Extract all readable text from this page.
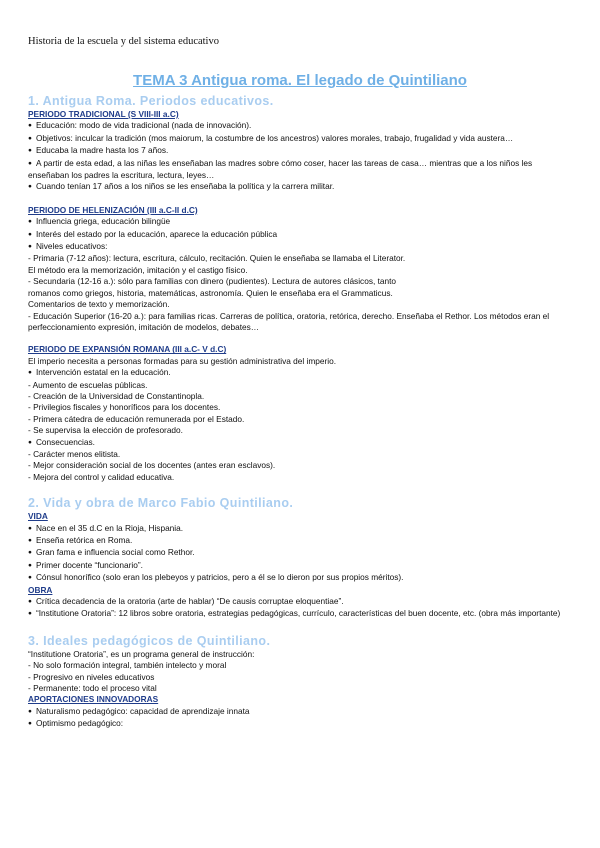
Historia de la escuela y del sistema educativo
TEMA 3 Antigua roma. El legado de Quintiliano

1. Antigua Roma. Periodos educativos.

PERIODO TRADICIONAL (S VIII-III a.C)

● Educación: modo de vida tradicional (nada de innovación).

● Objetivos: inculcar la tradición (mos maiorum, la costumbre de los ancestros) valores morales, trabajo, frugalidad y vida austera…

● Educaba la madre hasta los 7 años.

● A partir de esta edad, a las niñas les enseñaban las madres sobre cómo coser, hacer las tareas de casa… mientras que a los niños les enseñaban los padres la escritura, lectura, leyes…

● Cuando tenían 17 años a los niños se les enseñaba la política y la carrera militar.

PERIODO DE HELENIZACIÓN (III a.C-II d.C)

● Influencia griega, educación bilingüe

● Interés del estado por la educación, aparece la educación pública

● Niveles educativos:

- Primaria (7-12 años): lectura, escritura, cálculo, recitación. Quien le enseñaba se llamaba el Literator.

El método era la memorización, imitación y el castigo físico.

- Secundaria (12-16 a.): sólo para familias con dinero (pudientes). Lectura de autores clásicos, tanto

romanos como griegos, historia, matemáticas, astronomía. Quien le enseñaba era el Grammaticus.

Comentarios de texto y memorización.

- Educación Superior (16-20 a.): para familias ricas. Carreras de política, oratoria, retórica, derecho. Enseñaba el Rethor. Los métodos eran el perfeccionamiento expresión, imitación de modelos, debates…

PERIODO DE EXPANSIÓN ROMANA (III a.C- V d.C)

El imperio necesita a personas formadas para su gestión administrativa del imperio.

● Intervención estatal en la educación.

- Aumento de escuelas públicas.

- Creación de la Universidad de Constantinopla.

- Privilegios fiscales y honoríficos para los docentes.

- Primera cátedra de educación remunerada por el Estado.

- Se supervisa la elección de profesorado.

● Consecuencias.

- Carácter menos elitista.

- Mejor consideración social de los docentes (antes eran esclavos).

- Mejora del control y calidad educativa.

2. Vida y obra de Marco Fabio Quintiliano.

VIDA

● Nace en el 35 d.C en la Rioja, Hispania.

● Enseña retórica en Roma.

● Gran fama e influencia social como Rethor.

● Primer docente “funcionario”.

● Cónsul honorífico (solo eran los plebeyos y patricios, pero a él se lo dieron por sus propios méritos).

OBRA

● Crítica decadencia de la oratoria (arte de hablar) “De causis corruptae eloquentiae”.

● “Institutione Oratoria”: 12 libros sobre oratoria, estrategias pedagógicas, currículo, características del buen docente, etc. (obra más importante)

3. Ideales pedagógicos de Quintiliano.

“Institutione Oratoria”, es un programa general de instrucción:

- No solo formación integral, también intelecto y moral

- Progresivo en niveles educativos

- Permanente: todo el proceso vital

APORTACIONES INNOVADORAS

● Naturalismo pedagógico: capacidad de aprendizaje innata

● Optimismo pedagógico:
